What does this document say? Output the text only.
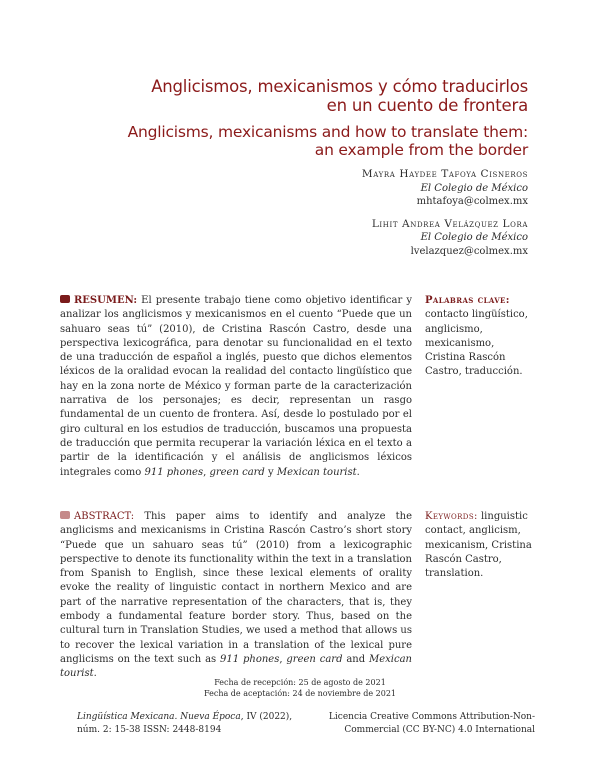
Anglicismos, mexicanismos y cómo traducirlos
en un cuento de frontera
Anglicisms, mexicanisms and how to translate them:
an example from the border
Mayra Haydee Tafoya Cisneros
El Colegio de México
mhtafoya@colmex.mx
Lihit Andrea Velázquez Lora
El Colegio de México
lvelazquez@colmex.mx
RESUMEN: El presente trabajo tiene como objetivo identificar y analizar los anglicismos y mexicanismos en el cuento “Puede que un sahuaro seas tú” (2010), de Cristina Rascón Castro, desde una perspectiva lexicográfica, para denotar su funcionalidad en el texto de una traducción de español a inglés, puesto que dichos elementos léxicos de la oralidad evocan la realidad del contacto lingüístico que hay en la zona norte de México y forman parte de la caracterización narrativa de los personajes; es decir, representan un rasgo fundamental de un cuento de frontera. Así, desde lo postulado por el giro cultural en los estudios de traducción, buscamos una propuesta de traducción que permita recuperar la variación léxica en el texto a partir de la identificación y el análisis de anglicismos léxicos integrales como 911 phones, green card y Mexican tourist.
Palabras clave:
contacto lingüístico, anglicismo, mexicanismo, Cristina Rascón Castro, traducción.
ABSTRACT: This paper aims to identify and analyze the anglicisms and mexicanisms in Cristina Rascón Castro’s short story “Puede que un sahuaro seas tú” (2010) from a lexicographic perspective to denote its functionality within the text in a translation from Spanish to English, since these lexical elements of orality evoke the reality of linguistic contact in northern Mexico and are part of the narrative representation of the characters, that is, they embody a fundamental feature border story. Thus, based on the cultural turn in Translation Studies, we used a method that allows us to recover the lexical variation in a translation of the lexical pure anglicisms on the text such as 911 phones, green card and Mexican tourist.
Keywords: linguistic contact, anglicism, mexicanism, Cristina Rascón Castro, translation.
Fecha de recepción: 25 de agosto de 2021
Fecha de aceptación: 24 de noviembre de 2021
Lingüística Mexicana. Nueva Época, IV (2022),
núm. 2: 15-38 ISSN: 2448-8194
Licencia Creative Commons Attribution-Non-
Commercial (CC BY-NC) 4.0 International
